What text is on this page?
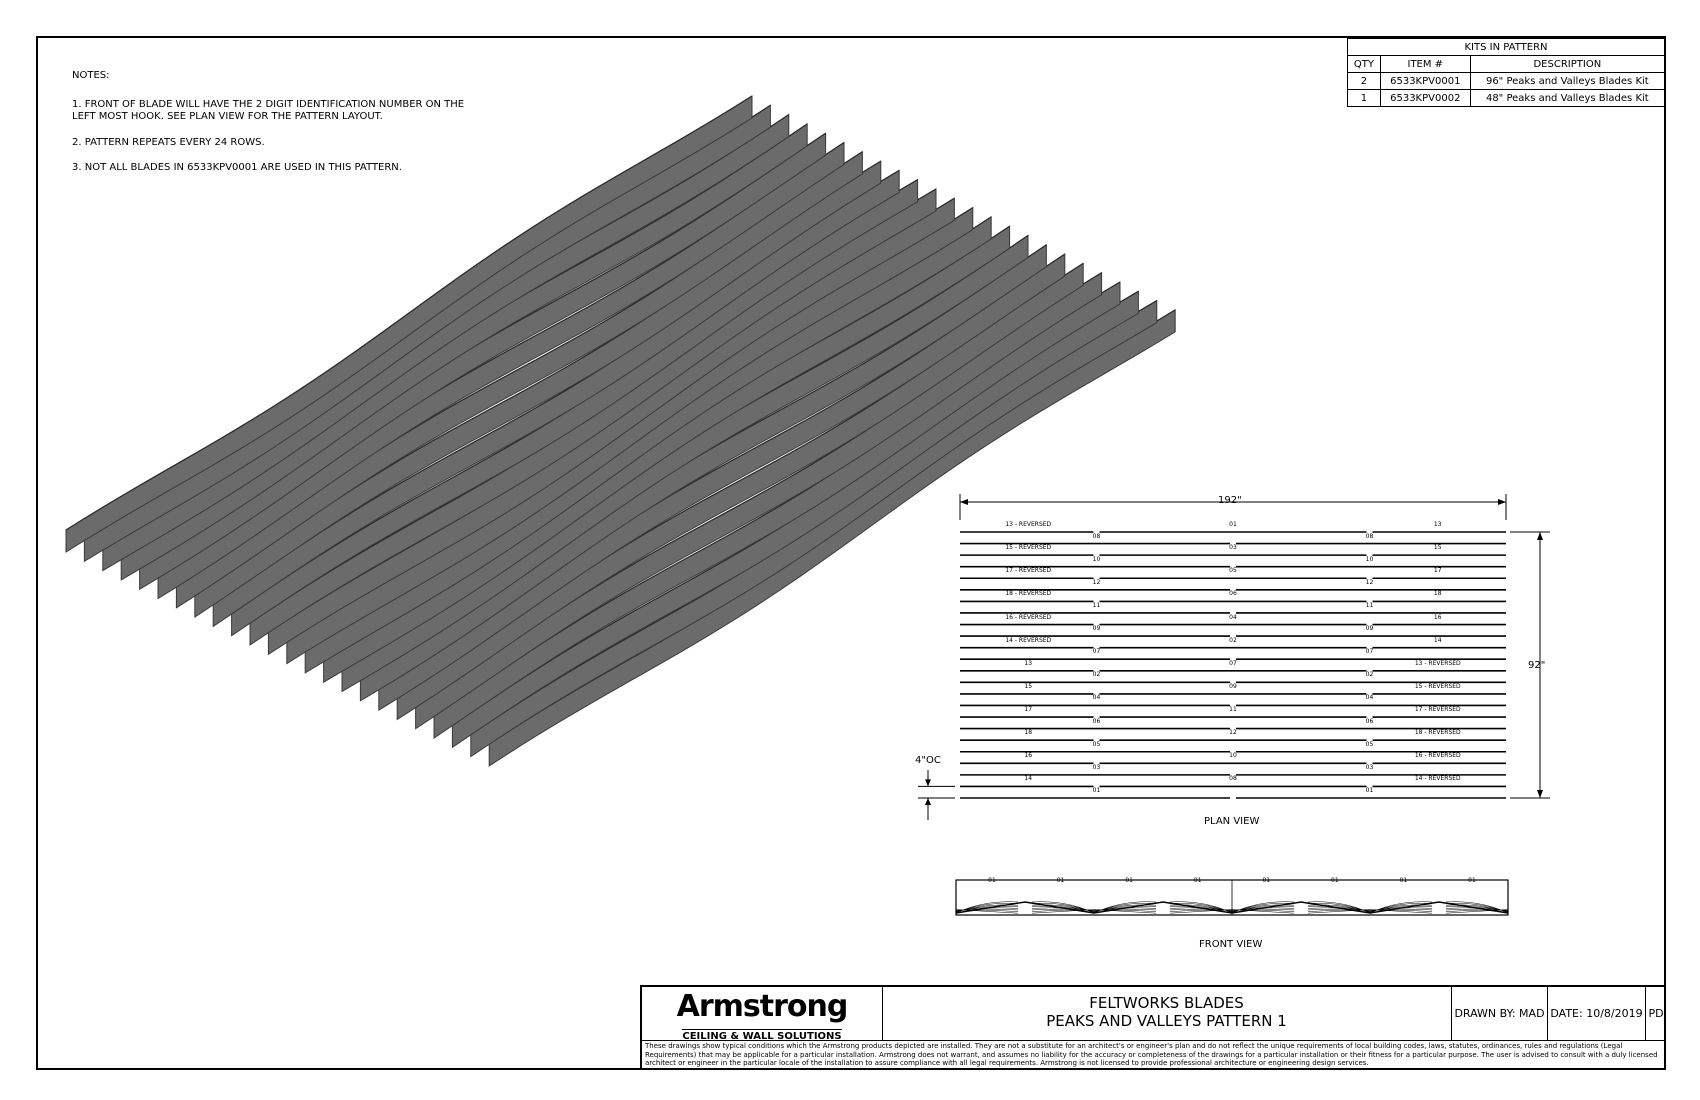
NOTES:
1. FRONT OF BLADE WILL HAVE THE 2 DIGIT IDENTIFICATION NUMBER ON THE
LEFT MOST HOOK. SEE PLAN VIEW FOR THE PATTERN LAYOUT.
2. PATTERN REPEATS EVERY 24 ROWS.
3. NOT ALL BLADES IN 6533KPV0001 ARE USED IN THIS PATTERN.
KITS IN PATTERN		
QTY	ITEM #	DESCRIPTION
2	6533KPV0001	96" Peaks and Valleys Blades Kit
1	6533KPV0002	48" Peaks and Valleys Blades Kit
13 - REVERSED	01	13
08	08
15 - REVERSED	03	15
10	10
17 - REVERSED	05	17
12	12
18 - REVERSED	06	18
11	11
16 - REVERSED	04	16
09	09
14 - REVERSED	02	14
07	07
13	07	13 - REVERSED
02	02
15	09	15 - REVERSED
04	04
17	11	17 - REVERSED
06	06
18	12	18 - REVERSED
05	05
16	10	16 - REVERSED
03	03
14	08	14 - REVERSED
01	01
192"
92"
4"OC
PLAN VIEW
01	01	01	01	01	01	01	01
FRONT VIEW
Armstrong
CEILING & WALL SOLUTIONS
FELTWORKS BLADES
PEAKS AND VALLEYS PATTERN 1	DRAWN BY: MAD DATE: 10/8/2019 PD
These drawings show typical conditions which the Armstrong products depicted are installed. They are not a substitute for an architect's or engineer's plan and do not reflect the unique requirements of local building codes, laws, statutes, ordinances, rules and regulations (Legal Requirements) that may be applicable for a particular installation. Armstrong does not warrant, and assumes no liability for the accuracy or completeness of the drawings for a particular installation or their fitness for a particular purpose. The user is advised to consult with a duly licensed architect or engineer in the particular locale of the installation to assure compliance with all legal requirements. Armstrong is not licensed to provide professional architecture or engineering design services.
